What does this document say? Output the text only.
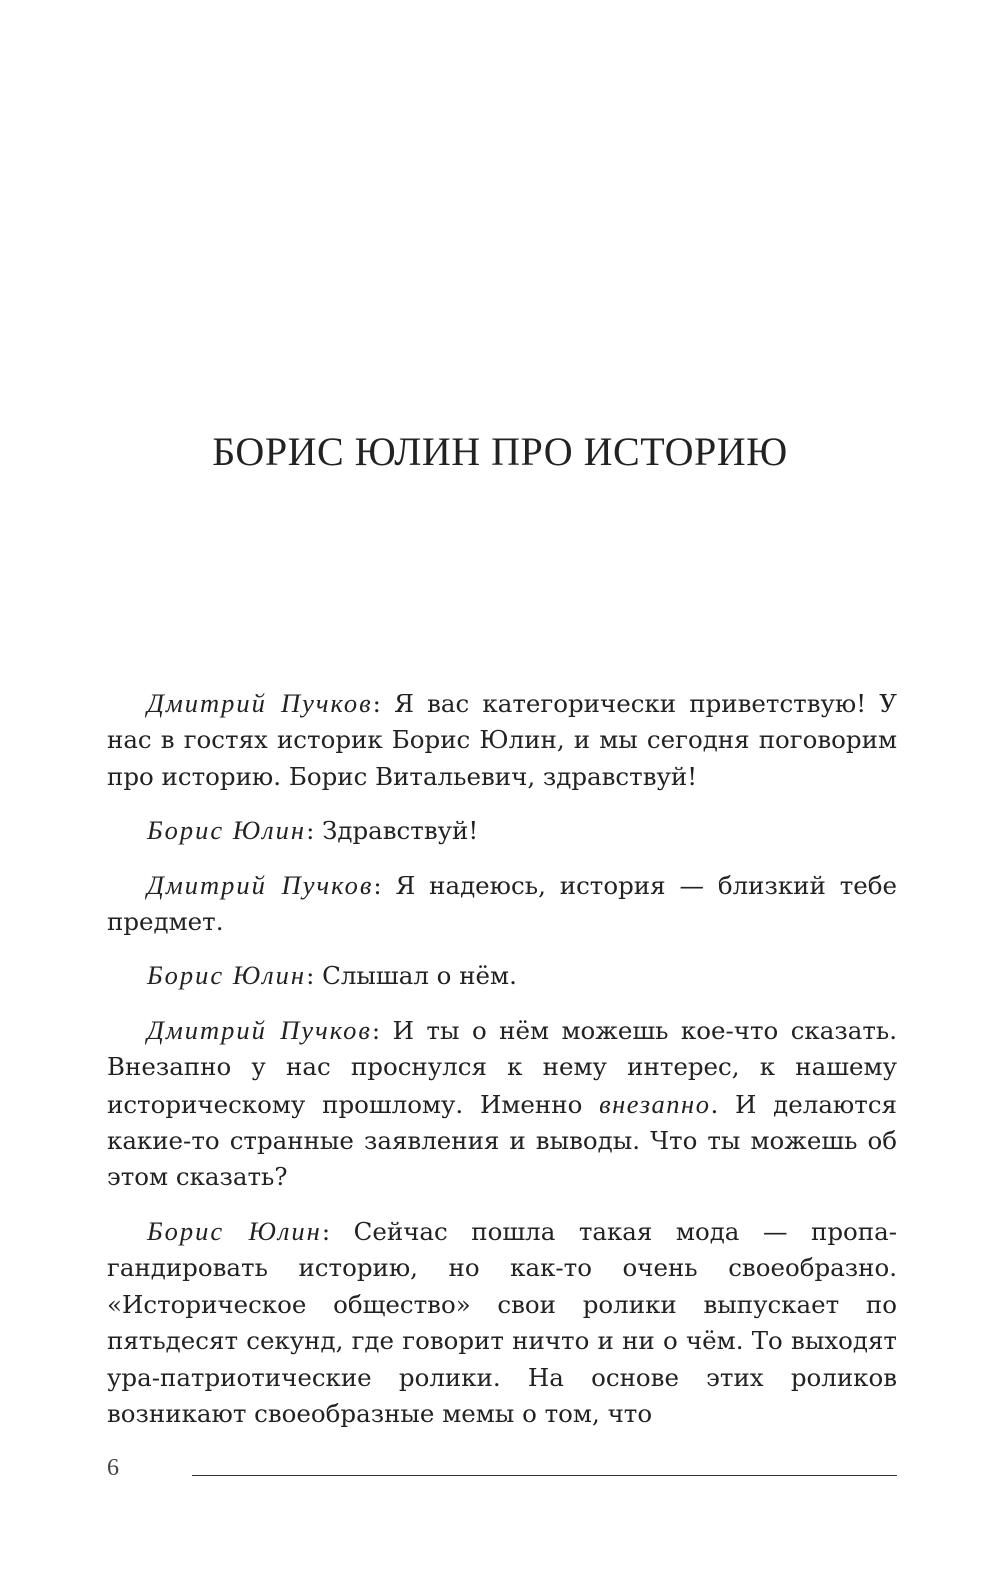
БОРИС ЮЛИН ПРО ИСТОРИЮ

Дмитрий Пучков: Я вас категорически приветствую! У нас в гостях историк Борис Юлин, и мы сегодня поговорим про историю. Борис Витальевич, здравствуй!

Борис Юлин: Здравствуй!

Дмитрий Пучков: Я надеюсь, история — близкий тебе предмет.

Борис Юлин: Слышал о нём.

Дмитрий Пучков: И ты о нём можешь кое-что сказать. Внезапно у нас проснулся к нему интерес, к нашему историческому прошлому. Именно внезапно. И делаются какие-то странные заявления и выводы. Что ты можешь об этом сказать?

Борис Юлин: Сейчас пошла такая мода — пропагандировать историю, но как-то очень своеобразно. «Историческое общество» свои ролики выпускает по пятьдесят секунд, где говорит ничто и ни о чём. То выходят ура-патриотические ролики. На основе этих роликов возникают своеобразные мемы о том, что

6
